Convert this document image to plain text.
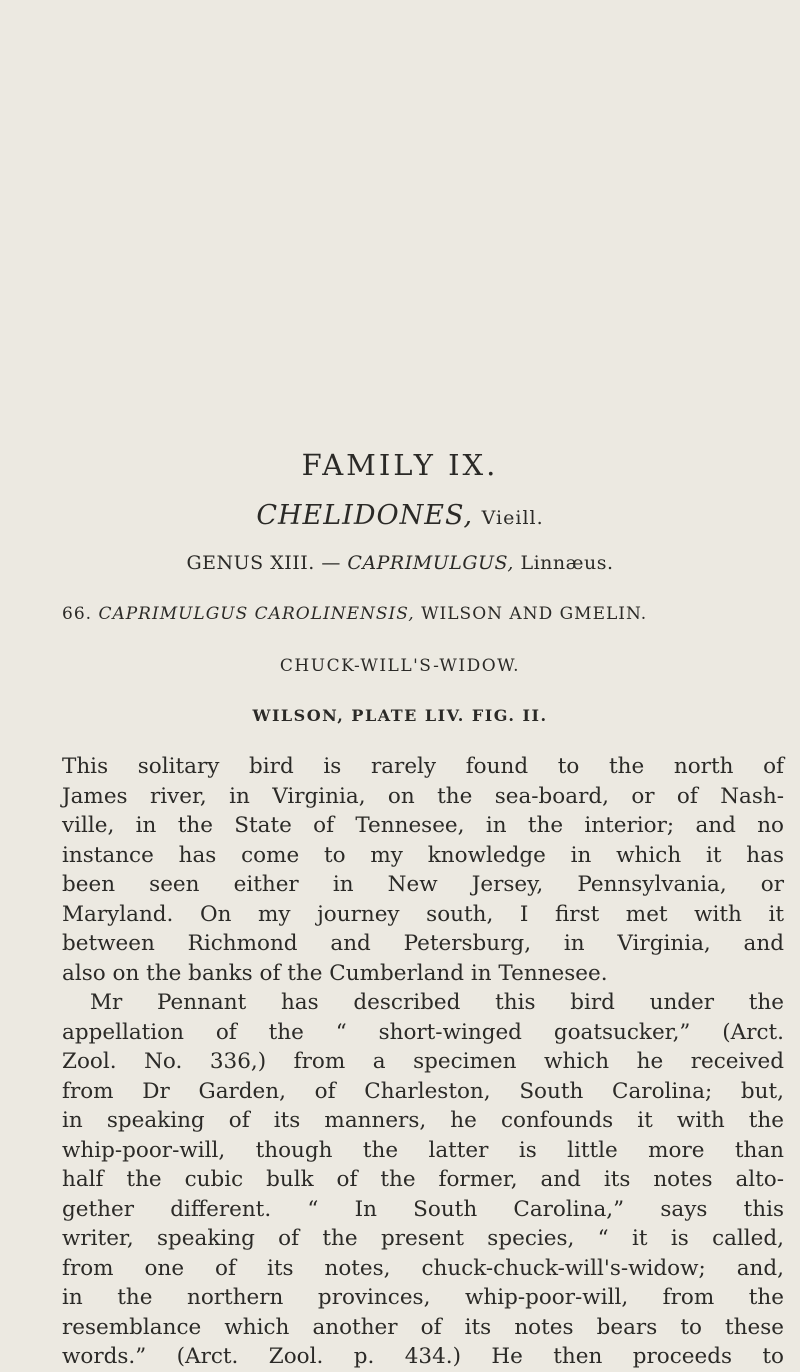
FAMILY IX.
CHELIDONES, Vieill.
GENUS XIII. — CAPRIMULGUS, Linnæus.
66. CAPRIMULGUS CAROLINENSIS, WILSON AND GMELIN.
CHUCK-WILL'S-WIDOW.
WILSON, PLATE LIV. FIG. II.
This solitary bird is rarely found to the north of
James river, in Virginia, on the sea-board, or of Nash-
ville, in the State of Tennesee, in the interior; and no
instance has come to my knowledge in which it has
been seen either in New Jersey, Pennsylvania, or
Maryland. On my journey south, I first met with it
between Richmond and Petersburg, in Virginia, and
also on the banks of the Cumberland in Tennesee.
Mr Pennant has described this bird under the
appellation of the “ short-winged goatsucker,” (Arct.
Zool. No. 336,) from a specimen which he received
from Dr Garden, of Charleston, South Carolina; but,
in speaking of its manners, he confounds it with the
whip-poor-will, though the latter is little more than
half the cubic bulk of the former, and its notes alto-
gether different. “ In South Carolina,” says this
writer, speaking of the present species, “ it is called,
from one of its notes, chuck-chuck-will's-widow; and,
in the northern provinces, whip-poor-will, from the
resemblance which another of its notes bears to these
words.” (Arct. Zool. p. 434.) He then proceeds to
